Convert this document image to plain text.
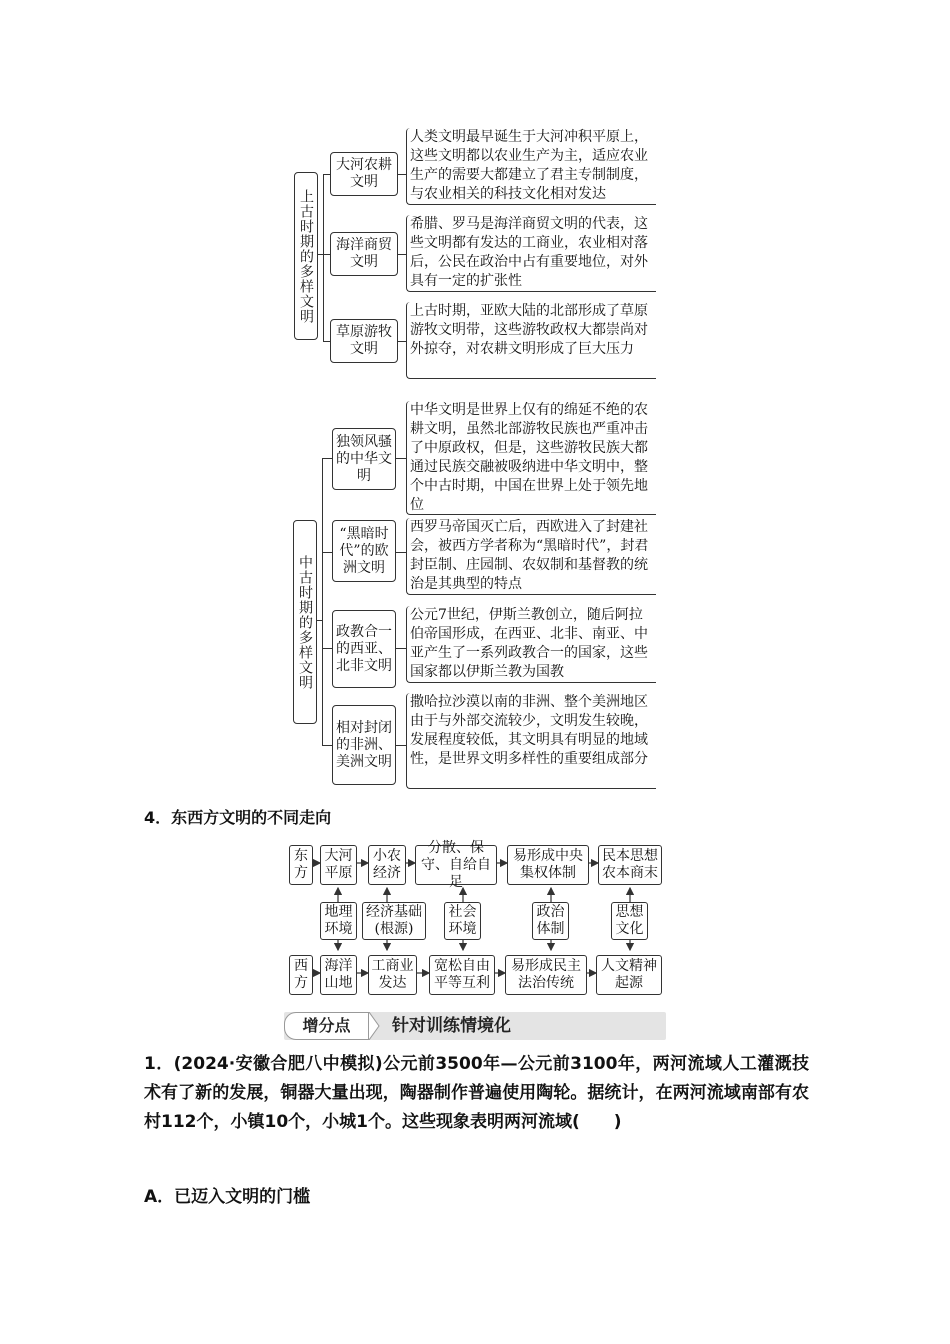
上古时期的多样文明
大河农耕文明
人类文明最早诞生于大河冲积平原上，这些文明都以农业生产为主，适应农业生产的需要大都建立了君主专制制度，与农业相关的科技文化相对发达
海洋商贸文明
希腊、罗马是海洋商贸文明的代表，这些文明都有发达的工商业，农业相对落后，公民在政治中占有重要地位，对外具有一定的扩张性
草原游牧文明
上古时期，亚欧大陆的北部形成了草原游牧文明带，这些游牧政权大都崇尚对外掠夺，对农耕文明形成了巨大压力
中古时期的多样文明
独领风骚的中华文明
中华文明是世界上仅有的绵延不绝的农耕文明，虽然北部游牧民族也严重冲击了中原政权，但是，这些游牧民族大都通过民族交融被吸纳进中华文明中，整个中古时期，中国在世界上处于领先地位
“黑暗时代”的欧洲文明
西罗马帝国灭亡后，西欧进入了封建社会，被西方学者称为“黑暗时代”，封君封臣制、庄园制、农奴制和基督教的统治是其典型的特点
政教合一的西亚、北非文明
公元7世纪，伊斯兰教创立，随后阿拉伯帝国形成，在西亚、北非、南亚、中亚产生了一系列政教合一的国家，这些国家都以伊斯兰教为国教
相对封闭的非洲、美洲文明
撒哈拉沙漠以南的非洲、整个美洲地区由于与外部交流较少，文明发生较晚，发展程度较低，其文明具有明显的地域性，是世界文明多样性的重要组成部分
4．东西方文明的不同走向
东方
大河平原
小农经济
分散、保守、自给自足
易形成中央集权体制
民本思想农本商末
地理环境
经济基础(根源)
社会环境
政治体制
思想文化
西方
海洋山地
工商业发达
宽松自由平等互利
易形成民主法治传统
人文精神起源
增分点	针对训练情境化
1．(2024·安徽合肥八中模拟)公元前3500年—公元前3100年，两河流域人工灌溉技术有了新的发展，铜器大量出现，陶器制作普遍使用陶轮。据统计，在两河流域南部有农村112个，小镇10个，小城1个。这些现象表明两河流域(　　)
A．已迈入文明的门槛
